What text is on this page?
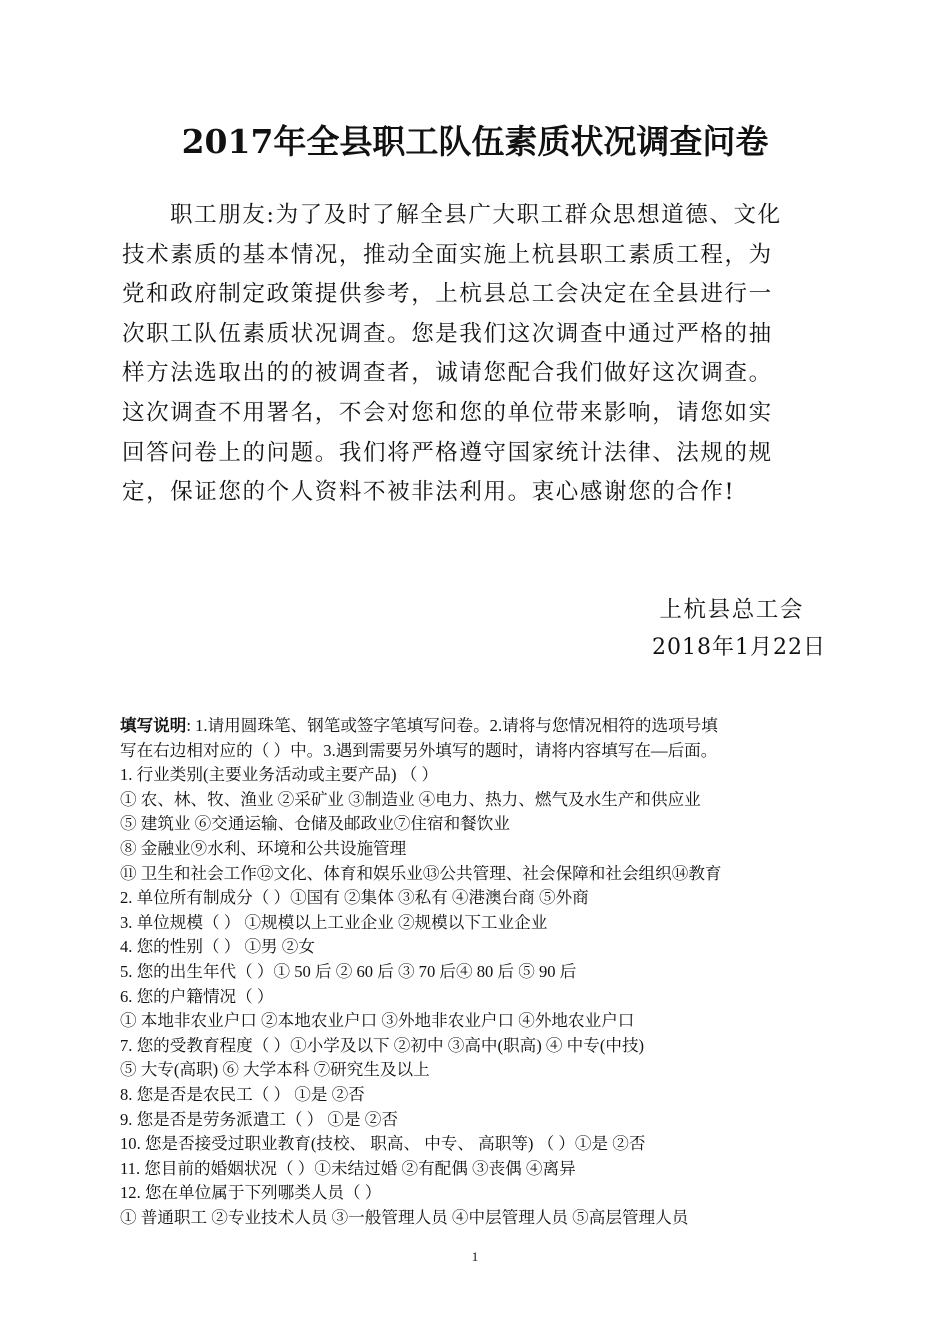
2017年全县职工队伍素质状况调查问卷
职工朋友:为了及时了解全县广大职工群众思想道德、文化
技术素质的基本情况，推动全面实施上杭县职工素质工程，为
党和政府制定政策提供参考，上杭县总工会决定在全县进行一
次职工队伍素质状况调查。您是我们这次调查中通过严格的抽
样方法选取出的的被调查者，诚请您配合我们做好这次调查。
这次调查不用署名，不会对您和您的单位带来影响，请您如实
回答问卷上的问题。我们将严格遵守国家统计法律、法规的规
定，保证您的个人资料不被非法利用。衷心感谢您的合作!
上杭县总工会
2018年1月22日
填写说明: 1.请用圆珠笔、钢笔或签字笔填写问卷。2.请将与您情况相符的选项号填
写在右边相对应的（ ）中。3.遇到需要另外填写的题时，请将内容填写在—后面。
1. 行业类别(主要业务活动或主要产品) （ ）
① 农、林、牧、渔业 ②采矿业 ③制造业 ④电力、热力、燃气及水生产和供应业
⑤ 建筑业 ⑥交通运输、仓储及邮政业⑦住宿和餐饮业
⑧ 金融业⑨水利、环境和公共设施管理
⑪ 卫生和社会工作⑫文化、体育和娱乐业⑬公共管理、社会保障和社会组织⑭教育
2. 单位所有制成分（ ）①国有 ②集体 ③私有 ④港澳台商 ⑤外商
3. 单位规模（ ） ①规模以上工业企业 ②规模以下工业企业
4. 您的性别（ ） ①男 ②女
5. 您的出生年代（ ）① 50 后 ② 60 后 ③ 70 后④ 80 后 ⑤ 90 后
6. 您的户籍情况（ ）
① 本地非农业户口 ②本地农业户口 ③外地非农业户口 ④外地农业户口
7. 您的受教育程度（ ）①小学及以下 ②初中 ③高中(职高) ④ 中专(中技)
⑤ 大专(高职) ⑥ 大学本科 ⑦研究生及以上
8. 您是否是农民工（ ） ①是 ②否
9. 您是否是劳务派遣工（ ） ①是 ②否
10. 您是否接受过职业教育(技校、 职高、 中专、 高职等) （ ）①是 ②否
11. 您目前的婚姻状况（ ）①未结过婚 ②有配偶 ③丧偶 ④离异
12. 您在单位属于下列哪类人员（ ）
① 普通职工 ②专业技术人员 ③一般管理人员 ④中层管理人员 ⑤高层管理人员
1
